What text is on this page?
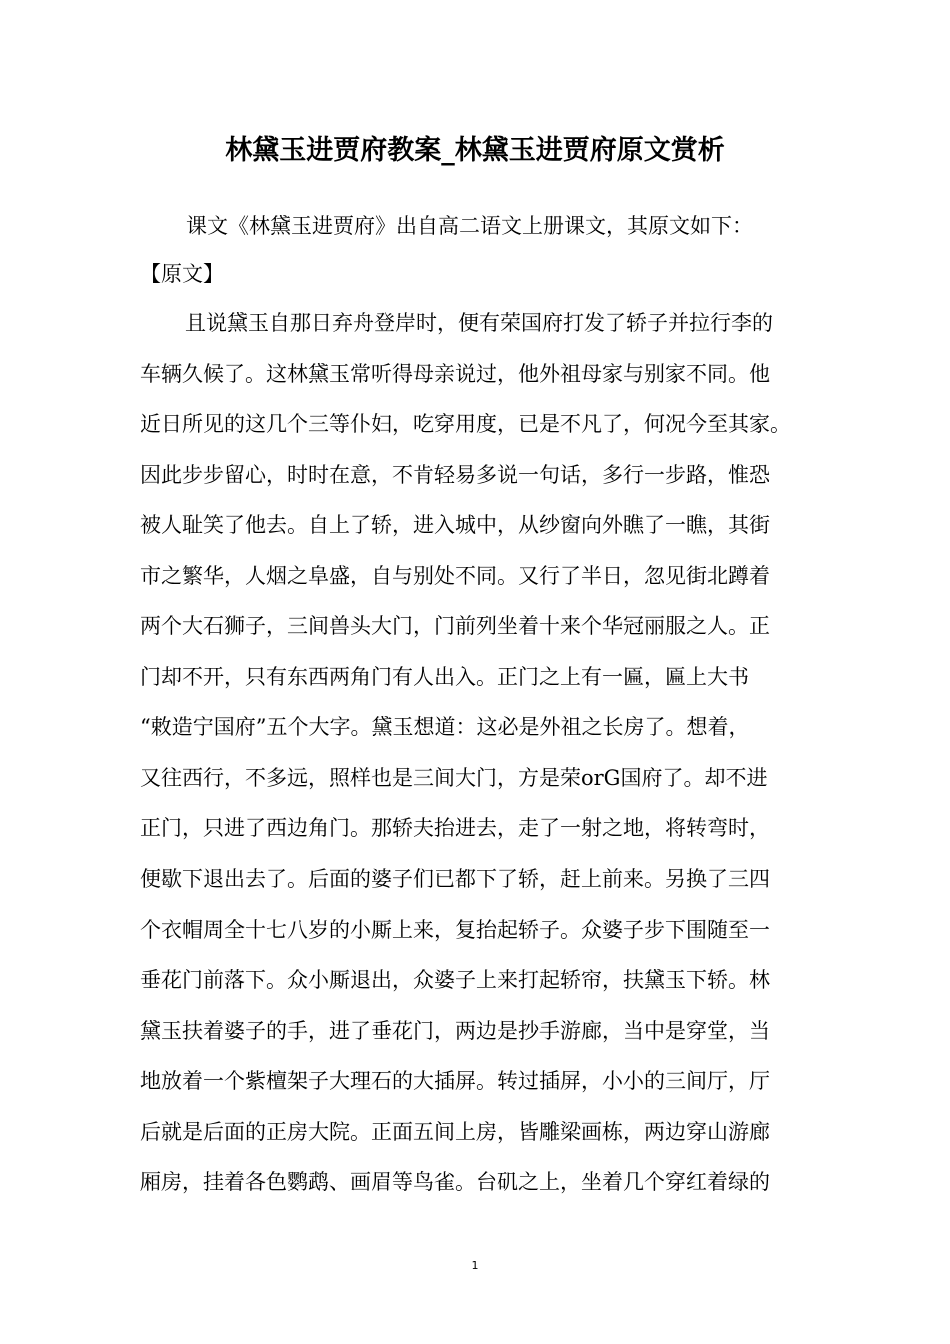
林黛玉进贾府教案_林黛玉进贾府原文赏析

课文《林黛玉进贾府》出自高二语文上册课文，其原文如下：

【原文】

且说黛玉自那日弃舟登岸时，便有荣国府打发了轿子并拉行李的
车辆久候了。这林黛玉常听得母亲说过，他外祖母家与别家不同。他
近日所见的这几个三等仆妇，吃穿用度，已是不凡了，何况今至其家。
因此步步留心，时时在意，不肯轻易多说一句话，多行一步路，惟恐
被人耻笑了他去。自上了轿，进入城中，从纱窗向外瞧了一瞧，其街
市之繁华，人烟之阜盛，自与别处不同。又行了半日，忽见街北蹲着
两个大石狮子，三间兽头大门，门前列坐着十来个华冠丽服之人。正
门却不开，只有东西两角门有人出入。正门之上有一匾，匾上大书
“敕造宁国府”五个大字。黛玉想道：这必是外祖之长房了。想着，
又往西行，不多远，照样也是三间大门，方是荣orG国府了。却不进
正门，只进了西边角门。那轿夫抬进去，走了一射之地，将转弯时，
便歇下退出去了。后面的婆子们已都下了轿，赶上前来。另换了三四
个衣帽周全十七八岁的小厮上来，复抬起轿子。众婆子步下围随至一
垂花门前落下。众小厮退出，众婆子上来打起轿帘，扶黛玉下轿。林
黛玉扶着婆子的手，进了垂花门，两边是抄手游廊，当中是穿堂，当
地放着一个紫檀架子大理石的大插屏。转过插屏，小小的三间厅，厅
后就是后面的正房大院。正面五间上房，皆雕梁画栋，两边穿山游廊
厢房，挂着各色鹦鹉、画眉等鸟雀。台矶之上，坐着几个穿红着绿的

1
